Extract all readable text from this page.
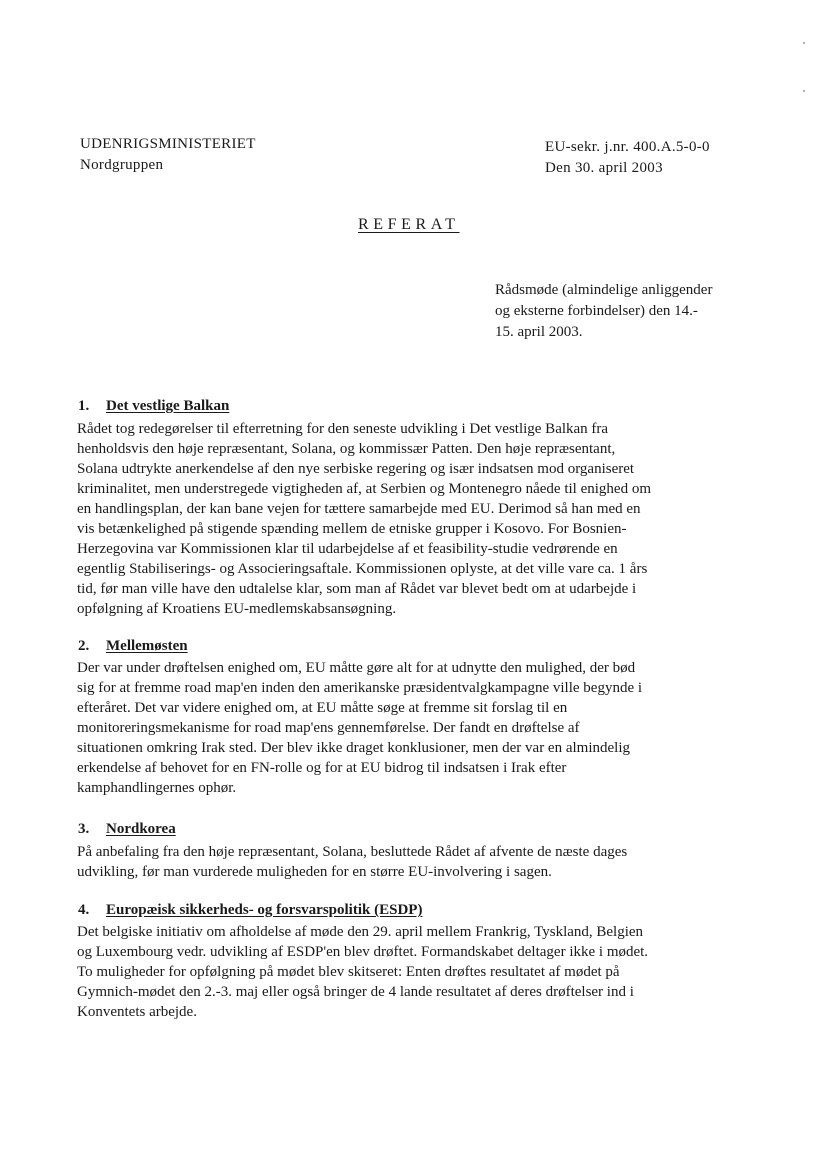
UDENRIGSMINISTERIET
Nordgruppen
EU-sekr. j.nr. 400.A.5-0-0
Den 30. april 2003
REFERAT
Rådsmøde (almindelige anliggender
og eksterne forbindelser) den 14.-
15. april 2003.
1. Det vestlige Balkan
Rådet tog redegørelser til efterretning for den seneste udvikling i Det vestlige Balkan fra
henholdsvis den høje repræsentant, Solana, og kommissær Patten. Den høje repræsentant,
Solana udtrykte anerkendelse af den nye serbiske regering og især indsatsen mod organiseret
kriminalitet, men understregede vigtigheden af, at Serbien og Montenegro nåede til enighed om
en handlingsplan, der kan bane vejen for tættere samarbejde med EU. Derimod så han med en
vis betænkelighed på stigende spænding mellem de etniske grupper i Kosovo. For Bosnien-
Herzegovina var Kommissionen klar til udarbejdelse af et feasibility-studie vedrørende en
egentlig Stabiliserings- og Associeringsaftale. Kommissionen oplyste, at det ville vare ca. 1 års
tid, før man ville have den udtalelse klar, som man af Rådet var blevet bedt om at udarbejde i
opfølgning af Kroatiens EU-medlemskabsansøgning.
2. Mellemøsten
Der var under drøftelsen enighed om, EU måtte gøre alt for at udnytte den mulighed, der bød
sig for at fremme road map'en inden den amerikanske præsidentvalgkampagne ville begynde i
efteråret. Det var videre enighed om, at EU måtte søge at fremme sit forslag til en
monitoreringsmekanisme for road map'ens gennemførelse. Der fandt en drøftelse af
situationen omkring Irak sted. Der blev ikke draget konklusioner, men der var en almindelig
erkendelse af behovet for en FN-rolle og for at EU bidrog til indsatsen i Irak efter
kamphandlingernes ophør.
3. Nordkorea
På anbefaling fra den høje repræsentant, Solana, besluttede Rådet af afvente de næste dages
udvikling, før man vurderede muligheden for en større EU-involvering i sagen.
4. Europæisk sikkerheds- og forsvarspolitik (ESDP)
Det belgiske initiativ om afholdelse af møde den 29. april mellem Frankrig, Tyskland, Belgien
og Luxembourg vedr. udvikling af ESDP'en blev drøftet. Formandskabet deltager ikke i mødet.
To muligheder for opfølgning på mødet blev skitseret: Enten drøftes resultatet af mødet på
Gymnich-mødet den 2.-3. maj eller også bringer de 4 lande resultatet af deres drøftelser ind i
Konventets arbejde.
